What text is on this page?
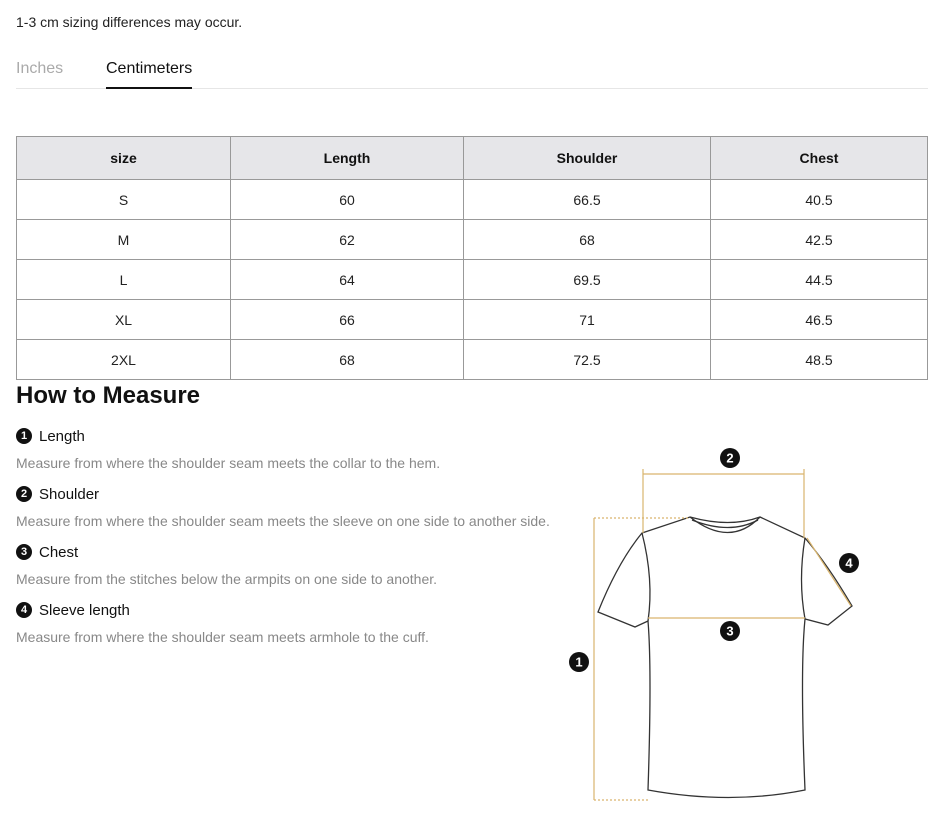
1-3 cm sizing differences may occur.
Inches	Centimeters
size	Length	Shoulder	Chest
S	60	66.5	40.5
M	62	68	42.5
L	64	69.5	44.5
XL	66	71	46.5
2XL	68	72.5	48.5
How to Measure
1 Length
Measure from where the shoulder seam meets the collar to the hem.
2 Shoulder
Measure from where the shoulder seam meets the sleeve on one side to another side.
3 Chest
Measure from the stitches below the armpits on one side to another.
4 Sleeve length
Measure from where the shoulder seam meets armhole to the cuff.
2
4
3
1
